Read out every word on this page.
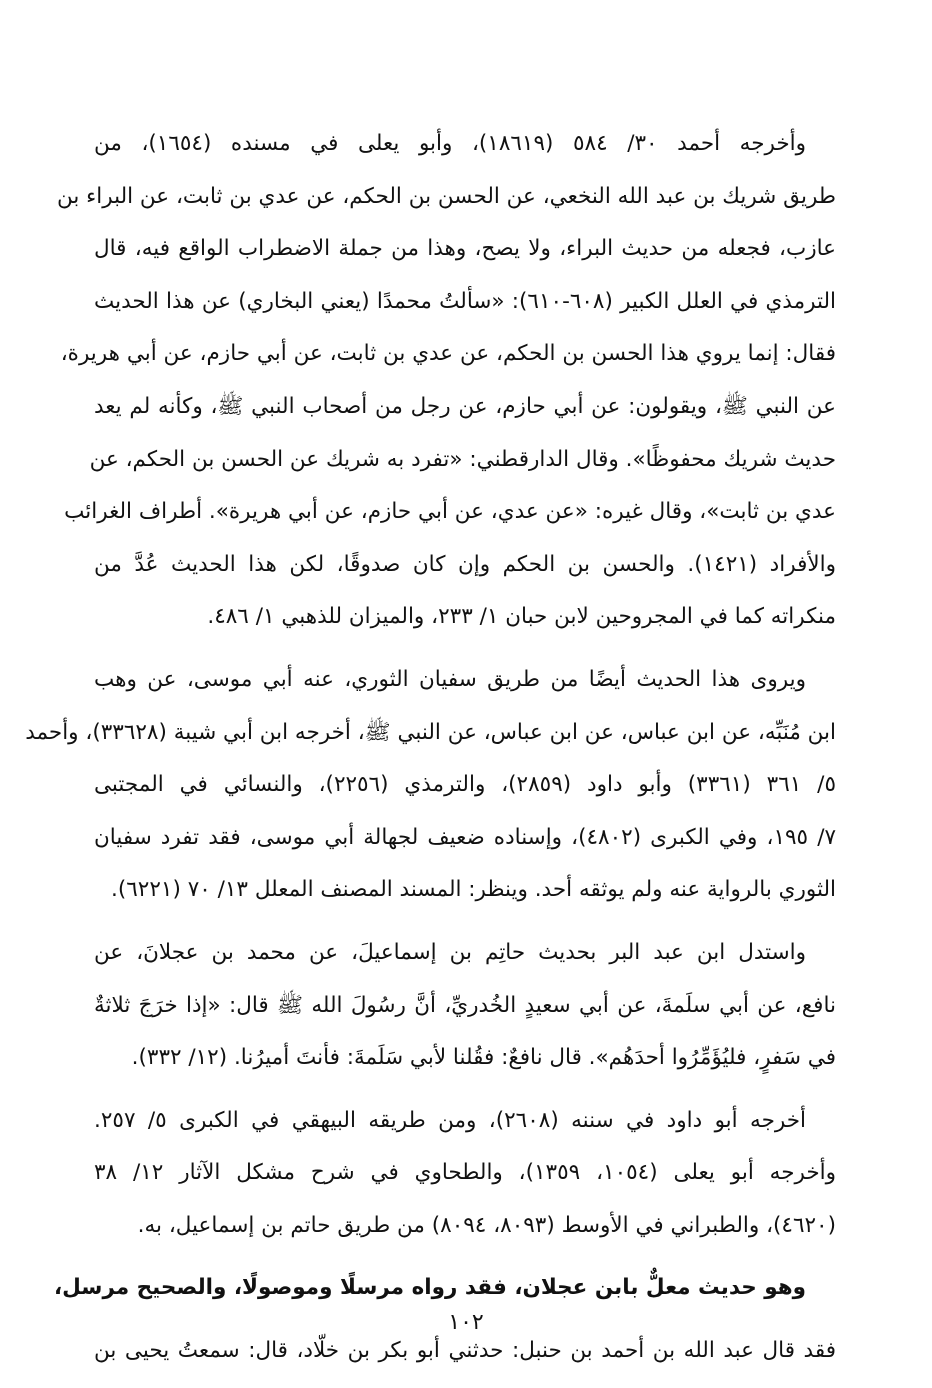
وأخرجه أحمد ٣٠/ ٥٨٤ (١٨٦١٩)، وأبو يعلى في مسنده (١٦٥٤)، من
طريق شريك بن عبد الله النخعي، عن الحسن بن الحكم، عن عدي بن ثابت، عن البراء بن
عازب، فجعله من حديث البراء، ولا يصح، وهذا من جملة الاضطراب الواقع فيه، قال
الترمذي في العلل الكبير (٦٠٨-٦١٠): «سألتُ محمدًا (يعني البخاري) عن هذا الحديث
فقال: إنما يروي هذا الحسن بن الحكم، عن عدي بن ثابت، عن أبي حازم، عن أبي هريرة،
عن النبي ﷺ، ويقولون: عن أبي حازم، عن رجل من أصحاب النبي ﷺ، وكأنه لم يعد
حديث شريك محفوظًا». وقال الدارقطني: «تفرد به شريك عن الحسن بن الحكم، عن
عدي بن ثابت»، وقال غيره: «عن عدي، عن أبي حازم، عن أبي هريرة». أطراف الغرائب
والأفراد (١٤٢١). والحسن بن الحكم وإن كان صدوقًا، لكن هذا الحديث عُدَّ من
منكراته كما في المجروحين لابن حبان ١/ ٢٣٣، والميزان للذهبي ١/ ٤٨٦.
ويروى هذا الحديث أيضًا من طريق سفيان الثوري، عنه أبي موسى، عن وهب
ابن مُنَبِّه، عن ابن عباس، عن ابن عباس، عن النبي ﷺ، أخرجه ابن أبي شيبة (٣٣٦٢٨)، وأحمد
٥/ ٣٦١ (٣٣٦١) وأبو داود (٢٨٥٩)، والترمذي (٢٢٥٦)، والنسائي في المجتبى
٧/ ١٩٥، وفي الكبرى (٤٨٠٢)، وإسناده ضعيف لجهالة أبي موسى، فقد تفرد سفيان
الثوري بالرواية عنه ولم يوثقه أحد. وينظر: المسند المصنف المعلل ١٣/ ٧٠ (٦٢٢١).
واستدل ابن عبد البر بحديث حاتِم بن إسماعيلَ، عن محمد بن عجلانَ، عن
نافع، عن أبي سلَمةَ، عن أبي سعيدٍ الخُدريِّ، أنَّ رسُولَ الله ﷺ قال: «إذا خرَجَ ثلاثةٌ
في سَفرٍ، فليُؤَمِّرُوا أحدَهُم». قال نافعٌ: فقُلنا لأبي سَلَمةَ: فأنتَ أميرُنا. (١٢/ ٣٣٢).
أخرجه أبو داود في سننه (٢٦٠٨)، ومن طريقه البيهقي في الكبرى ٥/ ٢٥٧.
وأخرجه أبو يعلى (١٠٥٤، ١٣٥٩)، والطحاوي في شرح مشكل الآثار ١٢/ ٣٨
(٤٦٢٠)، والطبراني في الأوسط (٨٠٩٣، ٨٠٩٤) من طريق حاتم بن إسماعيل، به.
وهو حديث معلٌّ بابن عجلان، فقد رواه مرسلًا وموصولًا، والصحيح مرسل،
فقد قال عبد الله بن أحمد بن حنبل: حدثني أبو بكر بن خلّاد، قال: سمعتُ يحيى بن
١٠٢
